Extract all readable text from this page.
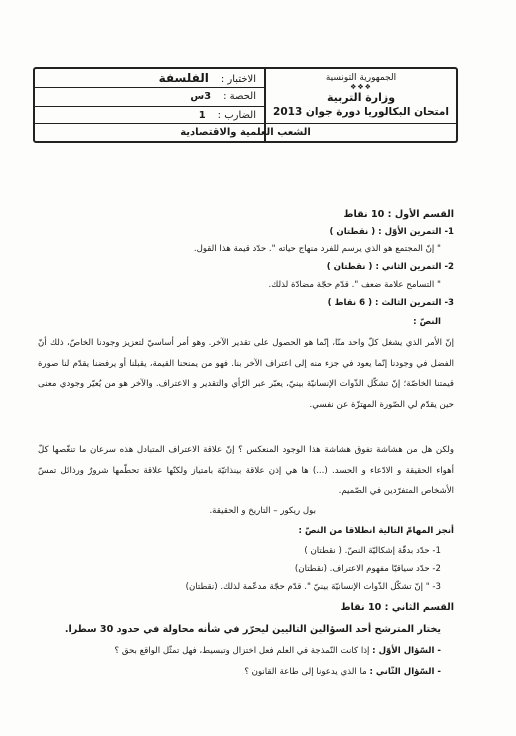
الجمهورية التونسية
❖❖❖
وزارة التربية
امتحان البكالوريا دورة جوان 2013
الاختبار :الفلسفة
الحصة :3س
الضارب :1
الشعب العلمية والاقتصادية
القسم الأول : 10 نقاط
1- التمرين الأوّل : ( نقطتان )
" إنّ المجتمع هو الذي يرسم للفرد منهاج حياته ". حدّد قيمة هذا القول.
2- التمرين الثاني : ( نقطتان )
" التسامح علامة ضعف ". قدّم حجّة مضادّة لذلك.
3- التمرين الثالث : ( 6 نقاط )
النصّ :
إنّ الأمر الذي يشغل كلّ واحد منّا، إنّما هو الحصول على تقدير الآخر. وهو أمر أساسيّ لتعزيز وجودنا الخاصّ، ذلك أنّ الفضل في وجودنا إنّما يعود في جزء منه إلى اعتراف الآخر بنا. فهو من يمنحنا القيمة، يقبلنا أو يرفضنا يقدّم لنا صورة قيمتنا الخاصّة؛ إنّ تشكّل الذّوات الإنسانيّة بينيّ، يعبّر عبر الرّأي والتقدير و الاعتراف. والآخر هو من يُعيّر وجودي معنى حين يقدّم لي الصّورة المهتزّة عن نفسي.
ولكن هل من هشاشة تفوق هشاشة هذا الوجود المنعكس ؟ إنّ علاقة الاعتراف المتبادل هذه سرعان ما تنغّصها كلّ أهواء الحقيقة و الادّعاء و الحسد. (...) ها هي إذن علاقة بينذاتيّة بامتياز ولكنّها علاقة تحطّمها شرورٌ ورذائل تمسّ الأشخاص المتفرّدين في الصّميم.
بول ريكور – التاريخ و الحقيقة.
أنجز المهامّ التالية انطلاقا من النصّ :
1- حدّد بدقّة إشكاليّة النصّ. ( نقطتان )
2- حدّد سياقيّا مفهوم الاعتراف. (نقطتان)
3- " إنّ تشكّل الذّوات الإنسانيّة بينيّ ". قدّم حجّة مدعّمة لذلك. (نقطتان)
القسم الثاني : 10 نقاط
يختار المترشح أحد السؤالين التاليين ليحرّر في شأنه محاولة في حدود 30 سطرا.
- السّؤال الأوّل : إذا كانت النّمذجة في العلم فعل اختزال وتبسيط، فهل تمثّل الواقع بحق ؟
- السّؤال الثّاني : ما الذي يدعونا إلى طاعة القانون ؟
